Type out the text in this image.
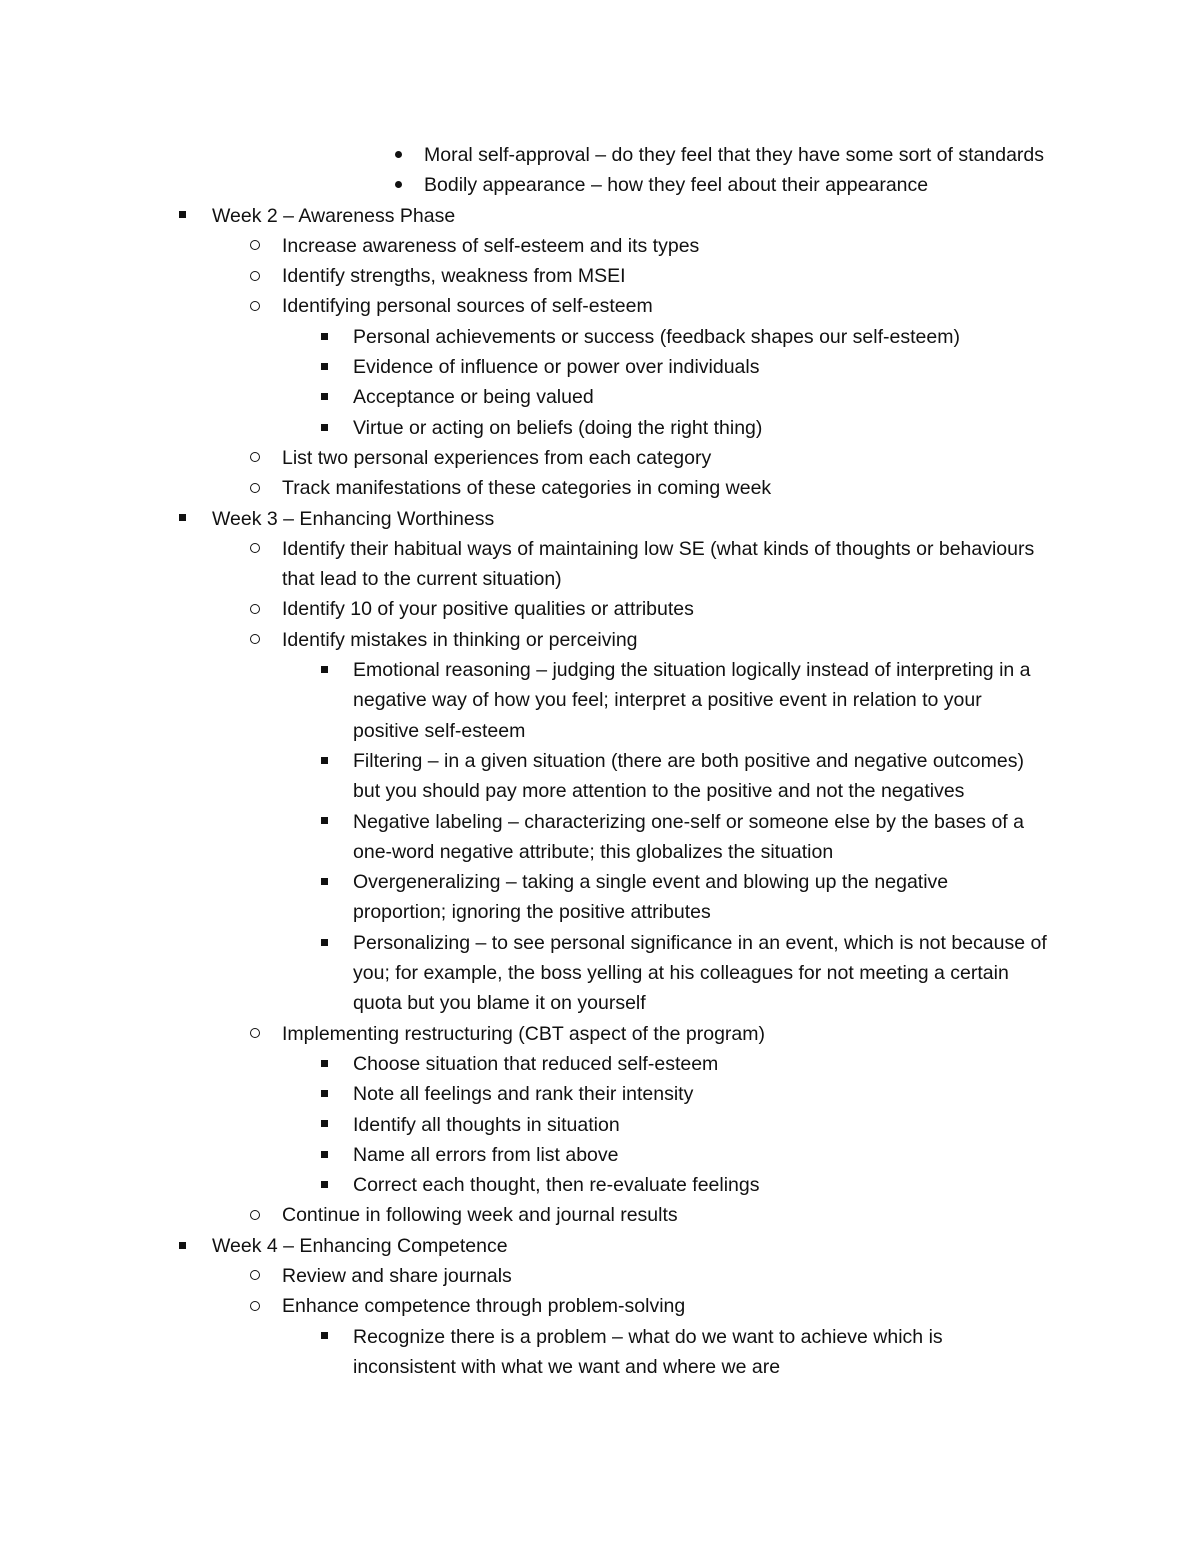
Moral self-approval – do they feel that they have some sort of standards
Bodily appearance – how they feel about their appearance
Week 2 – Awareness Phase
Increase awareness of self-esteem and its types
Identify strengths, weakness from MSEI
Identifying personal sources of self-esteem
Personal achievements or success (feedback shapes our self-esteem)
Evidence of influence or power over individuals
Acceptance or being valued
Virtue or acting on beliefs (doing the right thing)
List two personal experiences from each category
Track manifestations of these categories in coming week
Week 3 – Enhancing Worthiness
Identify their habitual ways of maintaining low SE (what kinds of thoughts or behaviours
that lead to the current situation)
Identify 10 of your positive qualities or attributes
Identify mistakes in thinking or perceiving
Emotional reasoning – judging the situation logically instead of interpreting in a
negative way of how you feel; interpret a positive event in relation to your
positive self-esteem
Filtering – in a given situation (there are both positive and negative outcomes)
but you should pay more attention to the positive and not the negatives
Negative labeling – characterizing one-self or someone else by the bases of a
one-word negative attribute; this globalizes the situation
Overgeneralizing – taking a single event and blowing up the negative
proportion; ignoring the positive attributes
Personalizing – to see personal significance in an event, which is not because of
you; for example, the boss yelling at his colleagues for not meeting a certain
quota but you blame it on yourself
Implementing restructuring (CBT aspect of the program)
Choose situation that reduced self-esteem
Note all feelings and rank their intensity
Identify all thoughts in situation
Name all errors from list above
Correct each thought, then re-evaluate feelings
Continue in following week and journal results
Week 4 – Enhancing Competence
Review and share journals
Enhance competence through problem-solving
Recognize there is a problem – what do we want to achieve which is
inconsistent with what we want and where we are
